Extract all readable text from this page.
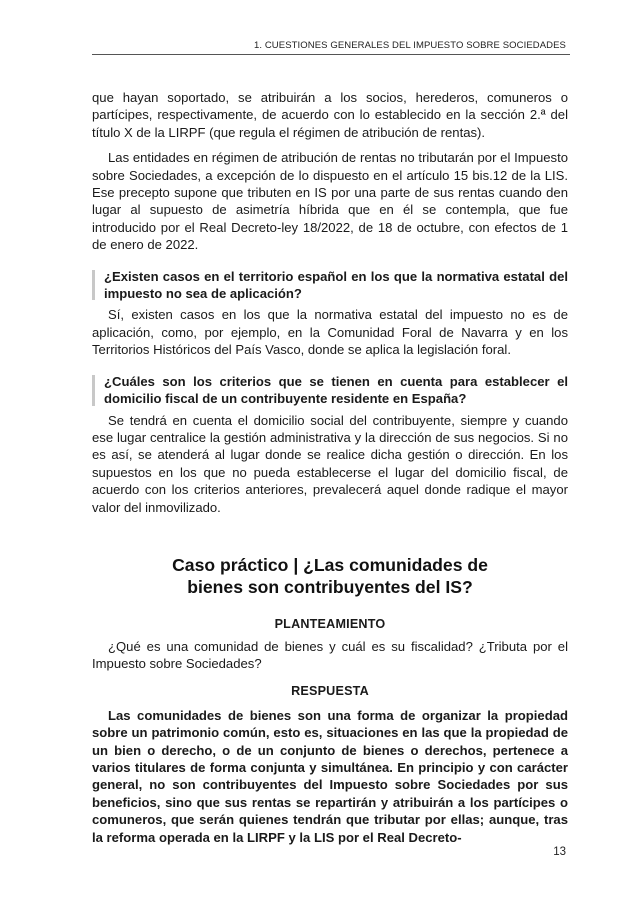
1. CUESTIONES GENERALES DEL IMPUESTO SOBRE SOCIEDADES

que hayan soportado, se atribuirán a los socios, herederos, comuneros o partícipes, respectivamente, de acuerdo con lo establecido en la sección 2.ª del título X de la LIRPF (que regula el régimen de atribución de rentas).

Las entidades en régimen de atribución de rentas no tributarán por el Impuesto sobre Sociedades, a excepción de lo dispuesto en el artículo 15 bis.12 de la LIS. Ese precepto supone que tributen en IS por una parte de sus rentas cuando den lugar al supuesto de asimetría híbrida que en él se contempla, que fue introducido por el Real Decreto-ley 18/2022, de 18 de octubre, con efectos de 1 de enero de 2022.

¿Existen casos en el territorio español en los que la normativa estatal del impuesto no sea de aplicación?

Sí, existen casos en los que la normativa estatal del impuesto no es de aplicación, como, por ejemplo, en la Comunidad Foral de Navarra y en los Territorios Históricos del País Vasco, donde se aplica la legislación foral.

¿Cuáles son los criterios que se tienen en cuenta para establecer el domicilio fiscal de un contribuyente residente en España?

Se tendrá en cuenta el domicilio social del contribuyente, siempre y cuando ese lugar centralice la gestión administrativa y la dirección de sus negocios. Si no es así, se atenderá al lugar donde se realice dicha gestión o dirección. En los supuestos en los que no pueda establecerse el lugar del domicilio fiscal, de acuerdo con los criterios anteriores, prevalecerá aquel donde radique el mayor valor del inmovilizado.

Caso práctico | ¿Las comunidades de
bienes son contribuyentes del IS?
PLANTEAMIENTO

¿Qué es una comunidad de bienes y cuál es su fiscalidad? ¿Tributa por el Impuesto sobre Sociedades?

RESPUESTA

Las comunidades de bienes son una forma de organizar la propiedad sobre un patrimonio común, esto es, situaciones en las que la propiedad de un bien o derecho, o de un conjunto de bienes o derechos, pertenece a varios titulares de forma conjunta y simultánea. En principio y con carácter general, no son contribuyentes del Impuesto sobre Sociedades por sus beneficios, sino que sus rentas se repartirán y atribuirán a los partícipes o comuneros, que serán quienes tendrán que tributar por ellas; aunque, tras la reforma operada en la LIRPF y la LIS por el Real Decreto-

13
